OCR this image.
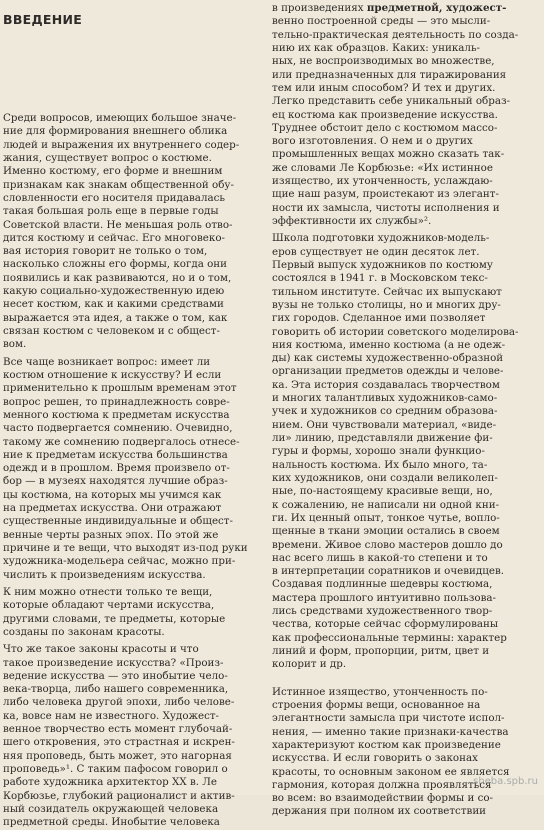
ВВЕДЕНИЕ
Среди вопросов, имеющих большое значе-
ние для формирования внешнего облика
людей и выражения их внутреннего содер-
жания, существует вопрос о костюме.
Именно костюму, его форме и внешним
признакам как знакам общественной обу-
словленности его носителя придавалась
такая большая роль еще в первые годы
Советской власти. Не меньшая роль отво-
дится костюму и сейчас. Его многовеко-
вая история говорит не только о том,
насколько сложны его формы, когда они
появились и как развиваются, но и о том,
какую социально-художественную идею
несет костюм, как и какими средствами
выражается эта идея, а также о том, как
связан костюм с человеком и с общест-
вом.
Все чаще возникает вопрос: имеет ли
костюм отношение к искусству? И если
применительно к прошлым временам этот
вопрос решен, то принадлежность совре-
менного костюма к предметам искусства
часто подвергается сомнению. Очевидно,
такому же сомнению подвергалось отнесе-
ние к предметам искусства большинства
одежд и в прошлом. Время произвело от-
бор — в музеях находятся лучшие образ-
цы костюма, на которых мы учимся как
на предметах искусства. Они отражают
существенные индивидуальные и общест-
венные черты разных эпох. По этой же
причине и те вещи, что выходят из-под руки
художника-модельера сейчас, можно при-
числить к произведениям искусства.
К ним можно отнести только те вещи,
которые обладают чертами искусства,
другими словами, те предметы, которые
созданы по законам красоты.
Что же такое законы красоты и что
такое произведение искусства? «Произ-
ведение искусства — это инобытие чело-
века-творца, либо нашего современника,
либо человека другой эпохи, либо челове-
ка, вовсе нам не известного. Художест-
венное творчество есть момент глубочай-
шего откровения, это страстная и искрен-
няя проповедь, быть может, это нагорная
проповедь»¹. С таким пафосом говорил о
работе художника архитектор XX в. Ле
Корбюзье, глубокий рационалист и актив-
ный созидатель окружающей человека
предметной среды. Инобытие человека
в произведениях предметной, художест-
венно построенной среды — это мысли-
тельно-практическая деятельность по созда-
нию их как образцов. Каких: уникаль-
ных, не воспроизводимых во множестве,
или предназначенных для тиражирования
тем или иным способом? И тех и других.
Легко представить себе уникальный образ-
ец костюма как произведение искусства.
Труднее обстоит дело с костюмом массо-
вого изготовления. О нем и о других
промышленных вещах можно сказать так-
же словами Ле Корбюзье: «Их истинное
изящество, их утонченность, услаждаю-
щие наш разум, проистекают из элегант-
ности их замысла, чистоты исполнения и
эффективности их службы»².
Школа подготовки художников-модель-
еров существует не один десяток лет.
Первый выпуск художников по костюму
состоялся в 1941 г. в Московском текс-
тильном институте. Сейчас их выпускают
вузы не только столицы, но и многих дру-
гих городов. Сделанное ими позволяет
говорить об истории советского моделирова-
ния костюма, именно костюма (а не одеж-
ды) как системы художественно-образной
организации предметов одежды и челове-
ка. Эта история создавалась творчеством
и многих талантливых художников-само-
учек и художников со средним образова-
нием. Они чувствовали материал, «виде-
ли» линию, представляли движение фи-
гуры и формы, хорошо знали функцио-
нальность костюма. Их было много, та-
ких художников, они создали великолеп-
ные, по-настоящему красивые вещи, но,
к сожалению, не написали ни одной кни-
ги. Их ценный опыт, тонкое чутье, вопло-
щенные в ткани эмоции остались в своем
времени. Живое слово мастеров дошло до
нас всего лишь в какой-то степени и то
в интерпретации соратников и очевидцев.
Создавая подлинные шедевры костюма,
мастера прошлого интуитивно пользова-
лись средствами художественного твор-
чества, которые сейчас сформулированы
как профессиональные термины: характер
линий и форм, пропорции, ритм, цвет и
колорит и др.
Истинное изящество, утонченность по-
строения формы вещи, основанное на
элегантности замысла при чистоте испол-
нения, — именно такие признаки-качества
характеризуют костюм как произведение
искусства. И если говорить о законах
красоты, то основным законом ее является
гармония, которая должна проявляться
во всем: во взаимодействии формы и со-
держания при полном их соответствии
sheba.spb.ru
